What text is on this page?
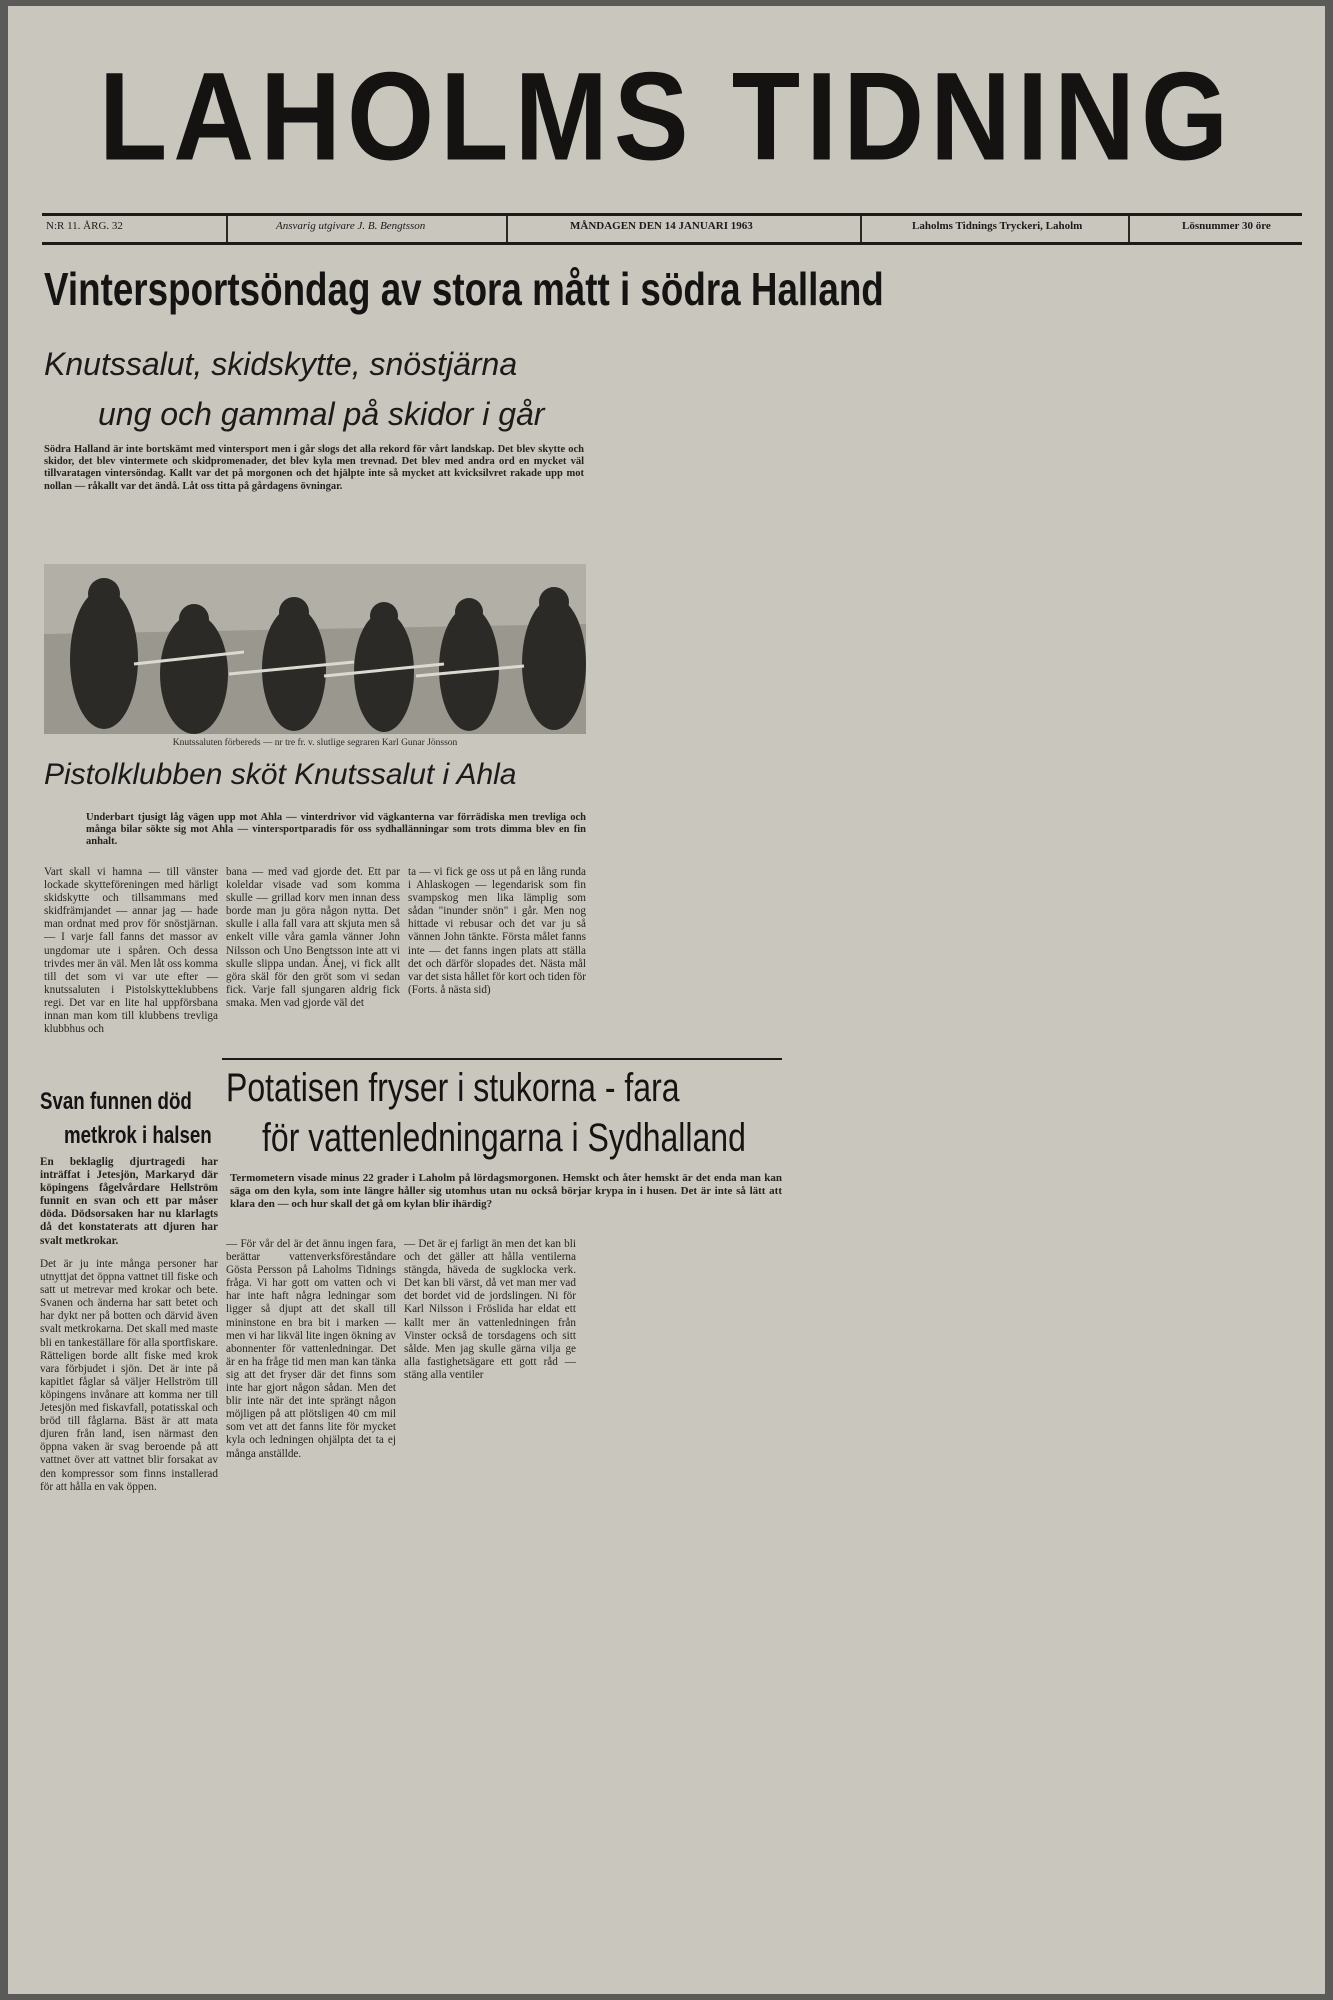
LAHOLMS TIDNING
N:R 11. ÅRG. 32	Ansvarig utgivare J. B. Bengtsson	MÅNDAGEN DEN 14 JANUARI 1963	Laholms Tidnings Tryckeri, Laholm	Lösnummer 30 öre
Vintersportsöndag av stora mått i södra Halland
Knutssalut, skidskytte, snöstjärna
ung och gammal på skidor i går
Södra Halland är inte bortskämt med vintersport men i går slogs det alla rekord för vårt landskap. Det blev skytte och skidor, det blev vintermete och skidpromenader, det blev kyla men trevnad. Det blev med andra ord en mycket väl tillvaratagen vintersöndag. Kallt var det på morgonen och det hjälpte inte så mycket att kvicksilvret rakade upp mot nollan — råkallt var det ändå. Låt oss titta på gårdagens övningar.
Knutssaluten förbereds — nr tre fr. v. slutlige segraren Karl Gunar Jönsson
Pistolklubben sköt Knutssalut i Ahla
Underbart tjusigt låg vägen upp mot Ahla — vinterdrivor vid vägkanterna var förrädiska men trevliga och många bilar sökte sig mot Ahla — vintersportparadis för oss sydhallänningar som trots dimma blev en fin anhalt.
Vart skall vi hamna — till vänster lockade skytteföreningen med härligt skidskytte och tillsammans med skidfrämjandet — annar jag — hade man ordnat med prov för snöstjärnan. — I varje fall fanns det massor av ungdomar ute i spåren. Och dessa trivdes mer än väl. Men låt oss komma till det som vi var ute efter — knutssaluten i Pistolskytteklubbens regi. Det var en lite hal uppförsbana innan man kom till klubbens trevliga klubbhus och
bana — med vad gjorde det. Ett par koleldar visade vad som komma skulle — grillad korv men innan dess borde man ju göra någon nytta. Det skulle i alla fall vara att skjuta men så enkelt ville våra gamla vänner John Nilsson och Uno Bengtsson inte att vi skulle slippa undan. Ånej, vi fick allt göra skäl för den gröt som vi sedan fick. Varje fall sjungaren aldrig fick smaka. Men vad gjorde väl det
ta — vi fick ge oss ut på en lång runda i Ahlaskogen — legendarisk som fin svampskog men lika lämplig som sådan "inunder snön" i går. Men nog hittade vi rebusar och det var ju så vännen John tänkte. Första målet fanns inte — det fanns ingen plats att ställa det och därför slopades det. Nästa mål var det sista hållet för kort och tiden för (Forts. å nästa sid)
Svan funnen död
metkrok i halsen
En beklaglig djurtragedi har inträffat i Jetesjön, Markaryd där köpingens fågelvårdare Hellström funnit en svan och ett par måser döda. Dödsorsaken har nu klarlagts då det konstaterats att djuren har svalt metkrokar.
Det är ju inte många personer har utnyttjat det öppna vattnet till fiske och satt ut metrevar med krokar och bete. Svanen och änderna har satt betet och har dykt ner på botten och därvid även svalt metkrokarna. Det skall med maste bli en tankeställare för alla sportfiskare. Rätteligen borde allt fiske med krok vara förbjudet i sjön. Det är inte på kapitlet fåglar så väljer Hellström till köpingens invånare att komma ner till Jetesjön med fiskavfall, potatisskal och bröd till fåglarna. Bäst är att mata djuren från land, isen närmast den öppna vaken är svag beroende på att vattnet över att vattnet blir forsakat av den kompressor som finns installerad för att hålla en vak öppen.
Potatisen fryser i stukorna - fara
för vattenledningarna i Sydhalland
Termometern visade minus 22 grader i Laholm på lördagsmorgonen. Hemskt och åter hemskt är det enda man kan säga om den kyla, som inte längre håller sig utomhus utan nu också börjar krypa in i husen. Det är inte så lätt att klara den — och hur skall det gå om kylan blir ihärdig?
— För vår del är det ännu ingen fara, berättar vattenverksföreståndare Gösta Persson på Laholms Tidnings fråga. Vi har gott om vatten och vi har inte haft några ledningar som ligger så djupt att det skall till mininstone en bra bit i marken — men vi har likväl lite ingen ökning av abonnenter för vattenledningar. Det är en ha fråge tid men man kan tänka sig att det fryser där det finns som inte har gjort någon sådan. Men det blir inte när det inte sprängt någon möjligen på att plötsligen 40 cm mil som vet att det fanns lite för mycket kyla och ledningen ohjälpta det ta ej många anställde.
— Det är ej farligt än men det kan bli och det gäller att hålla ventilerna stängda, häveda de sugklocka verk. Det kan bli värst, då vet man mer vad det bordet vid de jordslingen. Ni för Karl Nilsson i Fröslida har eldat ett kallt mer än vattenledningen från Vinster också de torsdagens och sitt sålde. Men jag skulle gärna vilja ge alla fastighetsägare ett gott råd — stäng alla ventiler
